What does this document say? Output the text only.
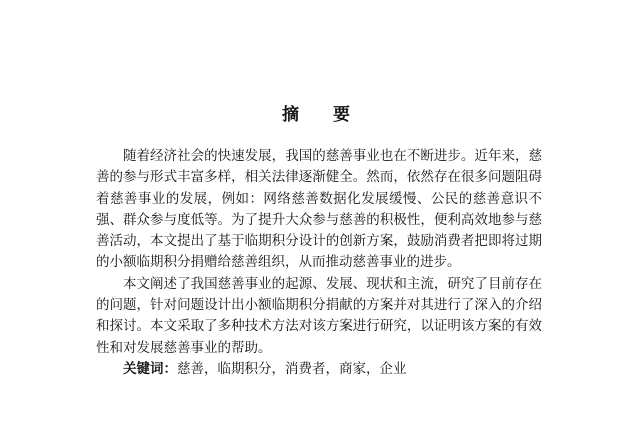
摘 要

随着经济社会的快速发展，我国的慈善事业也在不断进步。近年来，慈善的参与形式丰富多样，相关法律逐渐健全。然而，依然存在很多问题阻碍着慈善事业的发展，例如：网络慈善数据化发展缓慢、公民的慈善意识不强、群众参与度低等。为了提升大众参与慈善的积极性，便利高效地参与慈善活动，本文提出了基于临期积分设计的创新方案，鼓励消费者把即将过期的小额临期积分捐赠给慈善组织，从而推动慈善事业的进步。

本文阐述了我国慈善事业的起源、发展、现状和主流，研究了目前存在的问题，针对问题设计出小额临期积分捐献的方案并对其进行了深入的介绍和探讨。本文采取了多种技术方法对该方案进行研究，以证明该方案的有效性和对发展慈善事业的帮助。

关键词：慈善，临期积分，消费者，商家，企业
